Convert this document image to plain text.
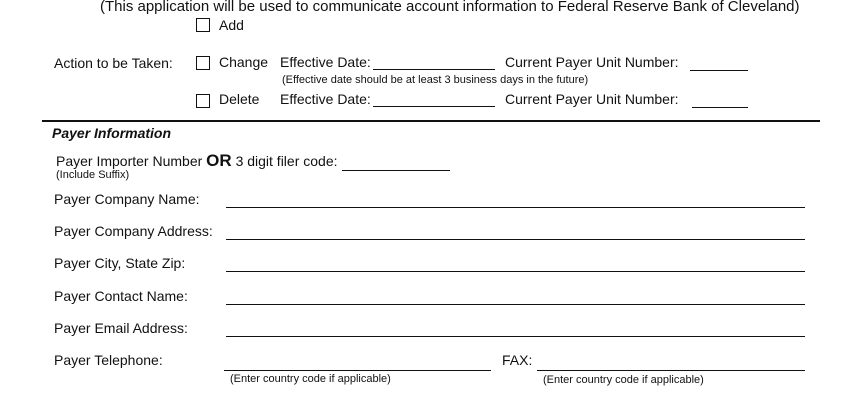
(This application will be used to communicate account information to Federal Reserve Bank of Cleveland)
Add
Action to be Taken:	Change Effective Date:	Current Payer Unit Number:
(Effective date should be at least 3 business days in the future)
Delete Effective Date:	Current Payer Unit Number:
Payer Information
Payer Importer Number OR 3 digit filer code:
(Include Suffix)
Payer Company Name:
Payer Company Address:
Payer City, State Zip:
Payer Contact Name:
Payer Email Address:
Payer Telephone:	FAX:
(Enter country code if applicable)	(Enter country code if applicable)
